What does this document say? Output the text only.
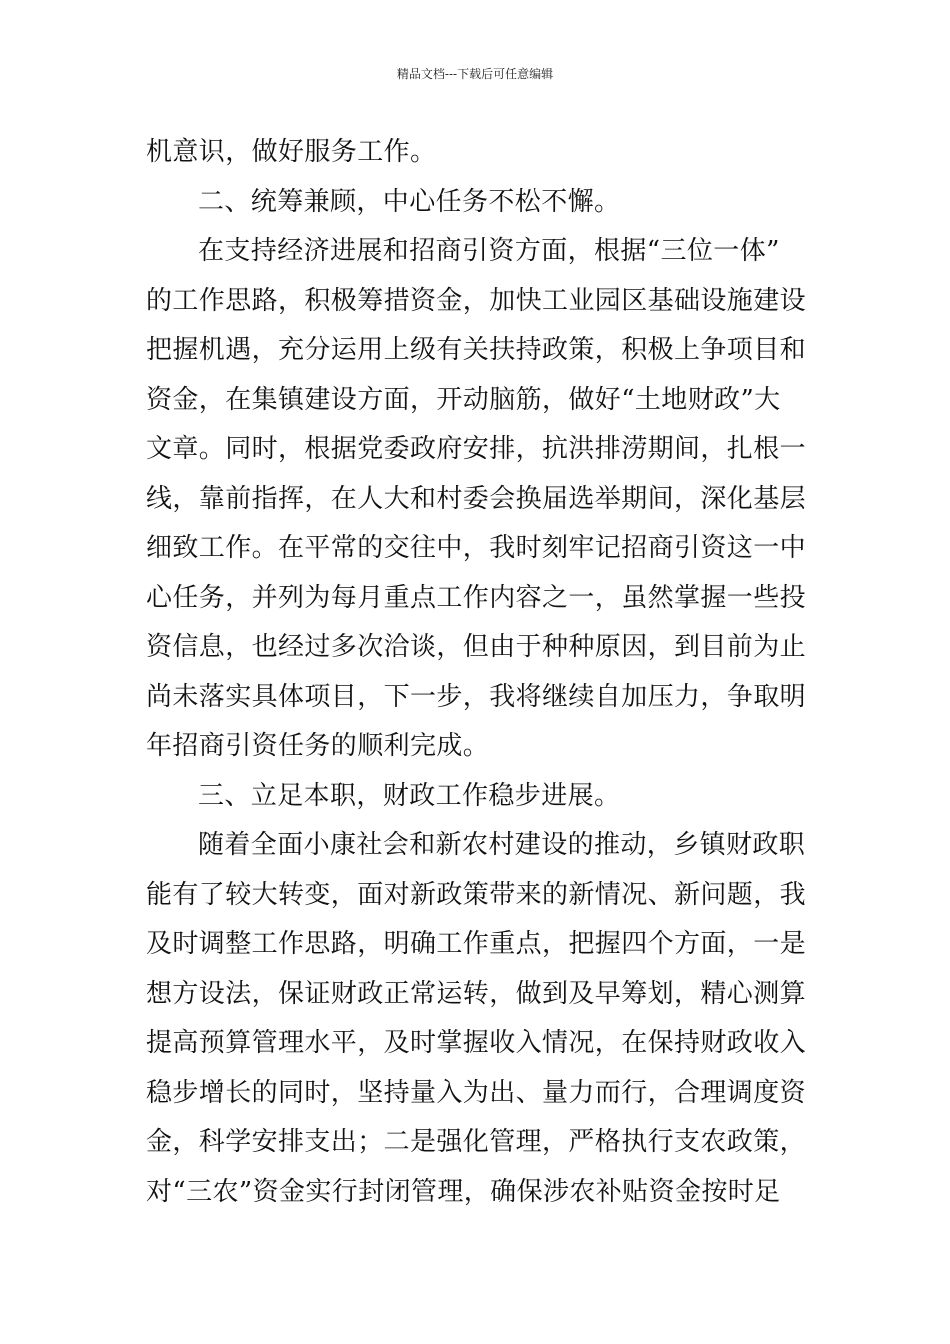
精品文档---下载后可任意编辑
机意识，做好服务工作。
二、统筹兼顾，中心任务不松不懈。
在支持经济进展和招商引资方面，根据“三位一体”
的工作思路，积极筹措资金，加快工业园区基础设施建设
把握机遇，充分运用上级有关扶持政策，积极上争项目和
资金，在集镇建设方面，开动脑筋，做好“土地财政”大
文章。同时，根据党委政府安排，抗洪排涝期间，扎根一
线，靠前指挥，在人大和村委会换届选举期间，深化基层
细致工作。在平常的交往中，我时刻牢记招商引资这一中
心任务，并列为每月重点工作内容之一，虽然掌握一些投
资信息，也经过多次洽谈，但由于种种原因，到目前为止
尚未落实具体项目，下一步，我将继续自加压力，争取明
年招商引资任务的顺利完成。
三、立足本职，财政工作稳步进展。
随着全面小康社会和新农村建设的推动，乡镇财政职
能有了较大转变，面对新政策带来的新情况、新问题，我
及时调整工作思路，明确工作重点，把握四个方面，一是
想方设法，保证财政正常运转，做到及早筹划，精心测算
提高预算管理水平，及时掌握收入情况，在保持财政收入
稳步增长的同时，坚持量入为出、量力而行，合理调度资
金，科学安排支出；二是强化管理，严格执行支农政策，
对“三农”资金实行封闭管理，确保涉农补贴资金按时足
